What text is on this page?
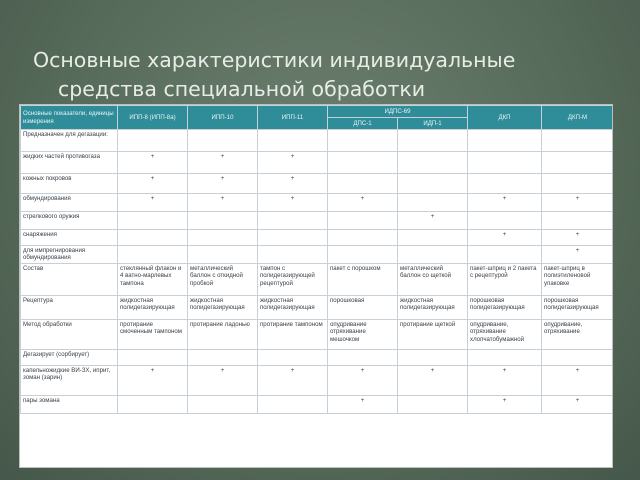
Основные характеристики индивидуальные
средства специальной обработки
Основные показатели, единицы измерения	ИПП-8 (ИПП-8а)	ИПП-10	ИПП-11	ИДПС-69		ДКП	ДКП-М
				ДПС-1	ИДП-1		
Предназначен для дегазации:							
жидких частей противогаза	+	+	+				
кожных покровов	+	+	+				
обмундирования	+	+	+	+		+	+
стрелкового оружия					+		
снаряжения						+	+
для импрегнирования обмундирования							+
Состав	стеклянный флакон и 4 ватно-марлевых тампона	металлический баллон с откидной пробкой	тампон с полидегазирующей рецептурой	пакет с порошком	металлический баллон со щеткой	пакет-шприц и 2 пакета с рецептурой	пакет-шприц в полиэтиленовой упаковке
Рецептура	жидкостная полидегазирующая	жидкостная полидегазирующая	жидкостная полидегазирующая	порошковая	жидкостная полидегазирующая	порошковая полидегазирующая	порошковая полидегазирующая
Метод обработки	протирание смоченным тампоном	протирание ладонью	протирание тампоном	опудривание отряхивание мешочком	протирание щеткой	опудривание, отряхивание хлопчатобумажной	опудривание, отряхивание
Дегазирует (сорбирует)							
капельножидкие ВИ-ЗХ, иприт, зоман (зарин)	+	+	+	+	+	+	+
пары зомана				+		+	+
